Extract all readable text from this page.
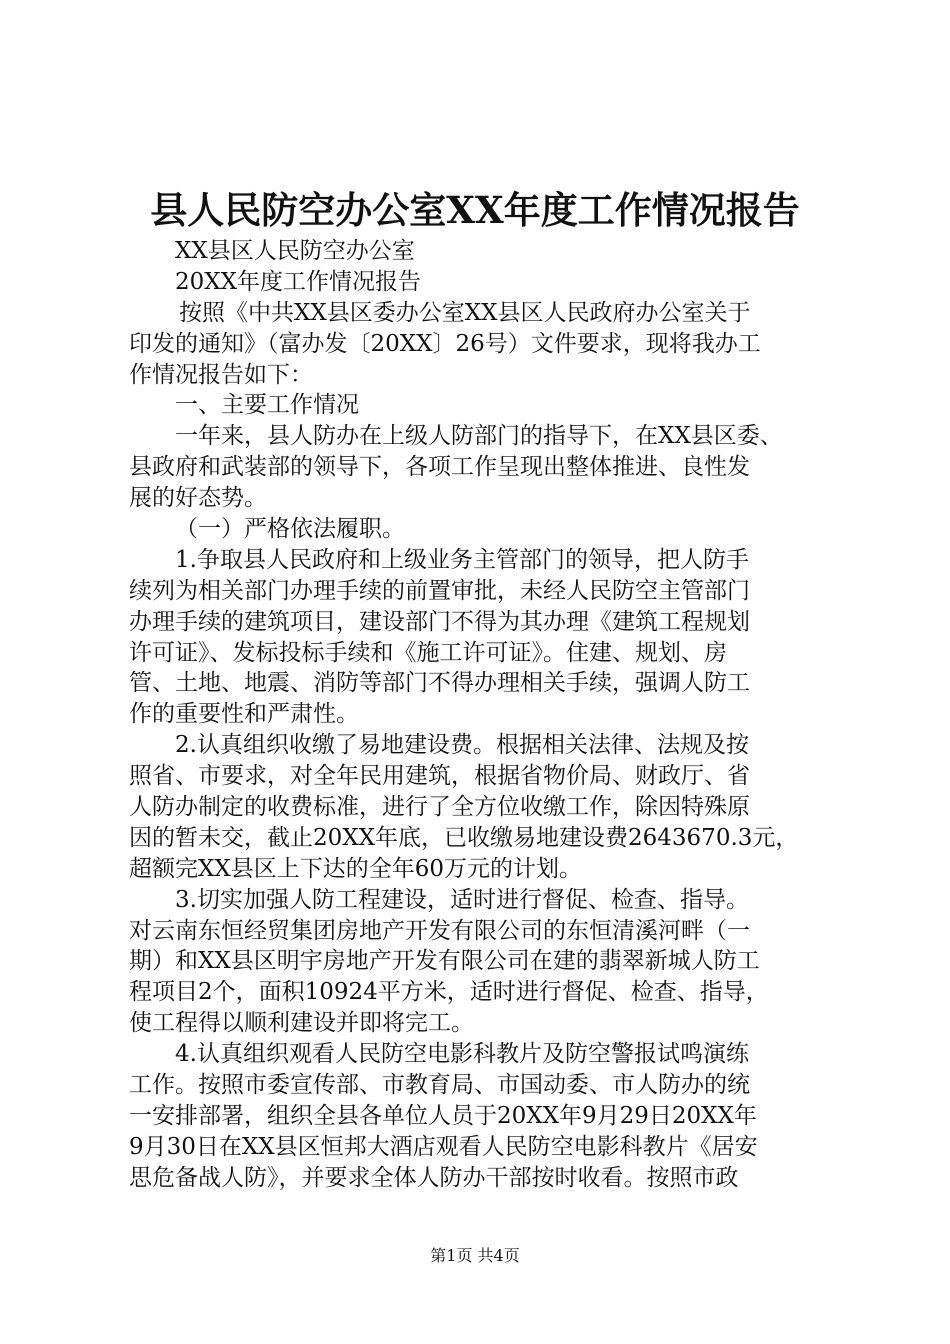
县人民防空办公室XX年度工作情况报告
XX县区人民防空办公室
20XX年度工作情况报告
按照《中共XX县区委办公室XX县区人民政府办公室关于
印发的通知》（富办发〔20XX〕26号）文件要求，现将我办工
作情况报告如下：
一、主要工作情况
一年来，县人防办在上级人防部门的指导下，在XX县区委、
县政府和武装部的领导下，各项工作呈现出整体推进、良性发
展的好态势。
（一）严格依法履职。
1.争取县人民政府和上级业务主管部门的领导，把人防手
续列为相关部门办理手续的前置审批，未经人民防空主管部门
办理手续的建筑项目，建设部门不得为其办理《建筑工程规划
许可证》、发标投标手续和《施工许可证》。住建、规划、房
管、土地、地震、消防等部门不得办理相关手续，强调人防工
作的重要性和严肃性。
2.认真组织收缴了易地建设费。根据相关法律、法规及按
照省、市要求，对全年民用建筑，根据省物价局、财政厅、省
人防办制定的收费标准，进行了全方位收缴工作，除因特殊原
因的暂未交，截止20XX年底，已收缴易地建设费2643670.3元，
超额完XX县区上下达的全年60万元的计划。
3.切实加强人防工程建设，适时进行督促、检查、指导。
对云南东恒经贸集团房地产开发有限公司的东恒清溪河畔（一
期）和XX县区明宇房地产开发有限公司在建的翡翠新城人防工
程项目2个，面积10924平方米，适时进行督促、检查、指导，
使工程得以顺利建设并即将完工。
4.认真组织观看人民防空电影科教片及防空警报试鸣演练
工作。按照市委宣传部、市教育局、市国动委、市人防办的统
一安排部署，组织全县各单位人员于20XX年9月29日20XX年
9月30日在XX县区恒邦大酒店观看人民防空电影科教片《居安
思危备战人防》，并要求全体人防办干部按时收看。按照市政
第1页 共4页
